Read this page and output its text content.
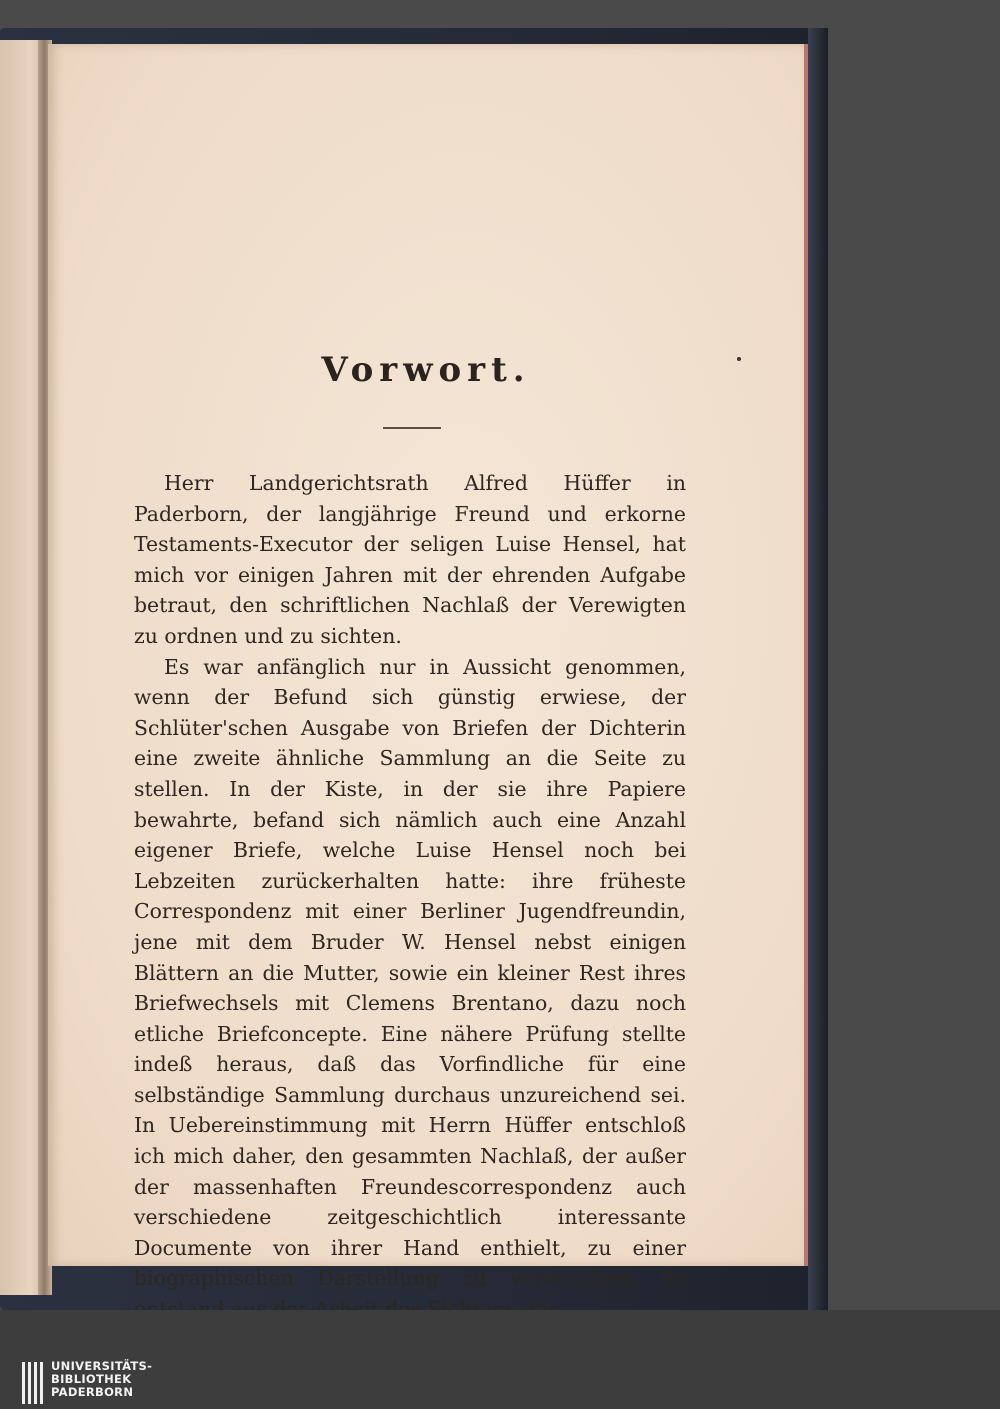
Vorwort.

Herr Landgerichtsrath Alfred Hüffer in Paderborn, der langjährige Freund und erkorne Testaments-Executor der seligen Luise Hensel, hat mich vor einigen Jahren mit der ehrenden Aufgabe betraut, den schriftlichen Nachlaß der Verewigten zu ordnen und zu sichten.

Es war anfänglich nur in Aussicht genommen, wenn der Befund sich günstig erwiese, der Schlüter'schen Ausgabe von Briefen der Dichterin eine zweite ähnliche Sammlung an die Seite zu stellen. In der Kiste, in der sie ihre Papiere bewahrte, befand sich nämlich auch eine Anzahl eigener Briefe, welche Luise Hensel noch bei Lebzeiten zurückerhalten hatte: ihre früheste Correspondenz mit einer Berliner Jugendfreundin, jene mit dem Bruder W. Hensel nebst einigen Blättern an die Mutter, sowie ein kleiner Rest ihres Briefwechsels mit Clemens Brentano, dazu noch etliche Briefconcepte. Eine nähere Prüfung stellte indeß heraus, daß das Vorfindliche für eine selbständige Sammlung durchaus unzureichend sei. In Uebereinstimmung mit Herrn Hüffer entschloß ich mich daher, den gesammten Nachlaß, der außer der massenhaften Freundescorrespondenz auch verschiedene zeitgeschichtlich interessante Documente von ihrer Hand enthielt, zu einer biographischen Darstellung zu verwerthen. So

UNIVERSITÄTS-
BIBLIOTHEK
PADERBORN
